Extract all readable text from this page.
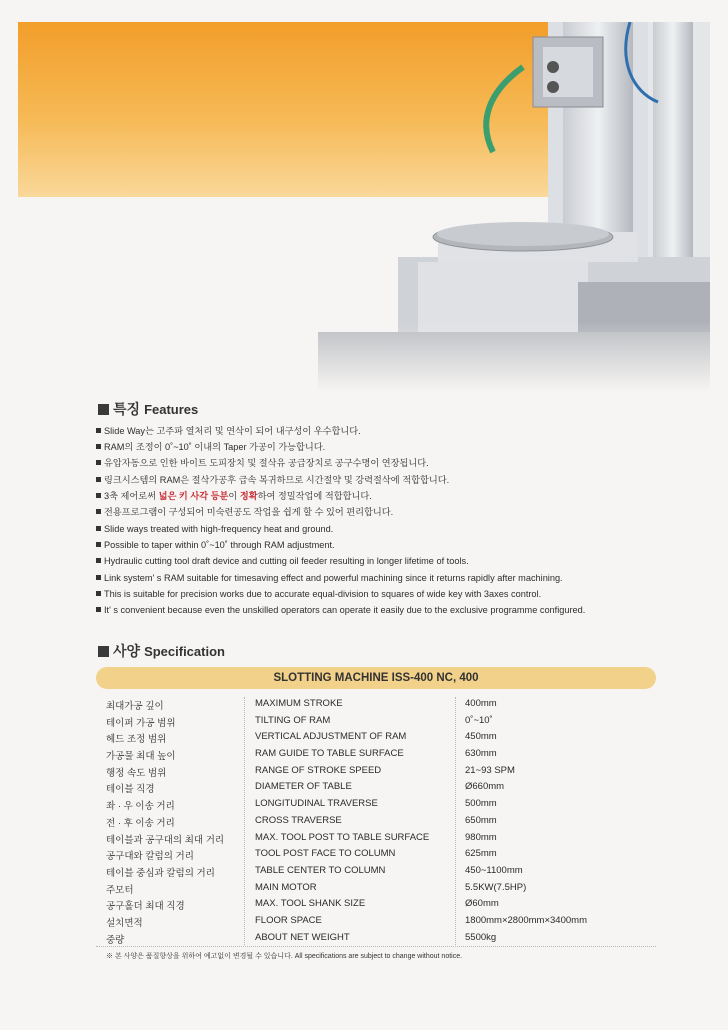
특징 Features
Slide Way는 고주파 열처리 및 연삭이 되어 내구성이 우수합니다.
RAM의 조정이 0˚~10˚ 이내의 Taper 가공이 가능합니다.
유압자동으로 인한 바이트 도피장치 및 절삭유 공급장치로 공구수명이 연장됩니다.
링크시스템의 RAM은 절삭가공후 급속 복귀하므로 시간절약 및 강력절삭에 적합합니다.
3축 제어로써 넓은 키 사각 등분이 정확하여 정밀작업에 적합합니다.
전용프로그램이 구성되어 미숙련공도 작업을 쉽게 할 수 있어 편리합니다.
Slide ways treated with high-frequency heat and ground.
Possible to taper within 0˚~10˚ through RAM adjustment.
Hydraulic cutting tool draft device and cutting oil feeder resulting in longer lifetime of tools.
Link system' s RAM suitable for timesaving effect and powerful machining since it returns rapidly after machining.
This is suitable for precision works due to accurate equal-division to squares of wide key with 3axes control.
It' s convenient because even the unskilled operators can operate it easily due to the exclusive programme configured.
사양 Specification
SLOTTING MACHINE ISS-400 NC, 400
최대가공 깊이	MAXIMUM STROKE	400mm
테이퍼 가공 범위	TILTING OF RAM	0˚~10˚
헤드 조정 범위	VERTICAL ADJUSTMENT OF RAM	450mm
가공물 최대 높이	RAM GUIDE TO TABLE SURFACE	630mm
행정 속도 범위	RANGE OF STROKE SPEED	21~93 SPM
테이블 직경	DIAMETER OF TABLE	Ø660mm
좌 · 우 이송 거리	LONGITUDINAL TRAVERSE	500mm
전 · 후 이송 거리	CROSS TRAVERSE	650mm
테이블과 공구대의 최대 거리	MAX. TOOL POST TO TABLE SURFACE	980mm
공구대와 칼럼의 거리	TOOL POST FACE TO COLUMN	625mm
테이블 중심과 칼럼의 거리	TABLE CENTER TO COLUMN	450~1100mm
주모터	MAIN MOTOR	5.5KW(7.5HP)
공구홀더 최대 직경	MAX. TOOL SHANK SIZE	Ø60mm
설치면적	FLOOR SPACE	1800mm×2800mm×3400mm
중량	ABOUT NET WEIGHT	5500kg
※ 본 사양은 품질향상을 위하여 예고없이 변경될 수 있습니다. All specifications are subject to change without notice.
